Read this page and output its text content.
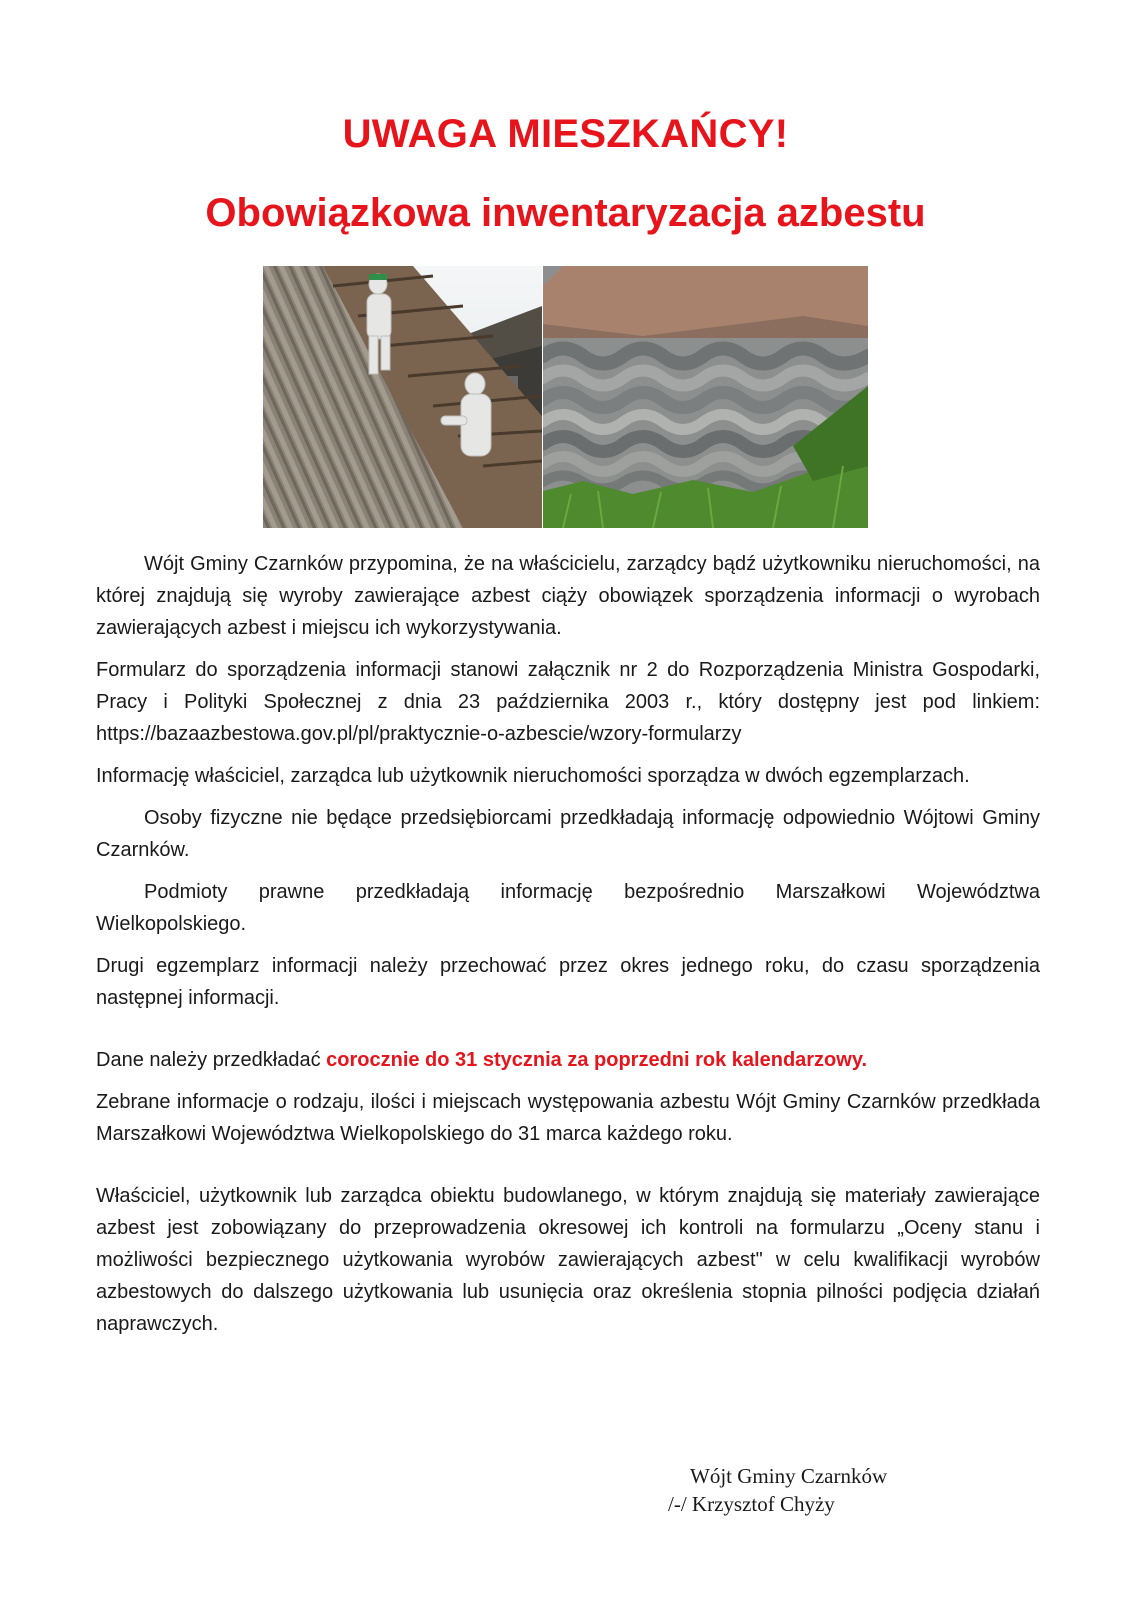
UWAGA MIESZKAŃCY!
Obowiązkowa inwentaryzacja azbestu

Wójt Gminy Czarnków przypomina, że na właścicielu, zarządcy bądź użytkowniku nieruchomości, na której znajdują się wyroby zawierające azbest ciąży obowiązek sporządzenia informacji o wyrobach zawierających azbest i miejscu ich wykorzystywania.

Formularz do sporządzenia informacji stanowi załącznik nr 2 do Rozporządzenia Ministra Gospodarki, Pracy i Polityki Społecznej z dnia 23 października 2003 r., który dostępny jest pod linkiem: https://bazaazbestowa.gov.pl/pl/praktycznie-o-azbescie/wzory-formularzy

Informację właściciel, zarządca lub użytkownik nieruchomości sporządza w dwóch egzemplarzach.

Osoby fizyczne nie będące przedsiębiorcami przedkładają informację odpowiednio Wójtowi Gminy Czarnków.

Podmioty prawne przedkładają informację bezpośrednio Marszałkowi Województwa Wielkopolskiego.

Drugi egzemplarz informacji należy przechować przez okres jednego roku, do czasu sporządzenia następnej informacji.

Dane należy przedkładać corocznie do 31 stycznia za poprzedni rok kalendarzowy.

Zebrane informacje o rodzaju, ilości i miejscach występowania azbestu Wójt Gminy Czarnków przedkłada Marszałkowi Województwa Wielkopolskiego do 31 marca każdego roku.

Właściciel, użytkownik lub zarządca obiektu budowlanego, w którym znajdują się materiały zawierające azbest jest zobowiązany do przeprowadzenia okresowej ich kontroli na formularzu „Oceny stanu i możliwości bezpiecznego użytkowania wyrobów zawierających azbest" w celu kwalifikacji wyrobów azbestowych do dalszego użytkowania lub usunięcia oraz określenia stopnia pilności podjęcia działań naprawczych.

Wójt Gminy Czarnków
/-/ Krzysztof Chyży
